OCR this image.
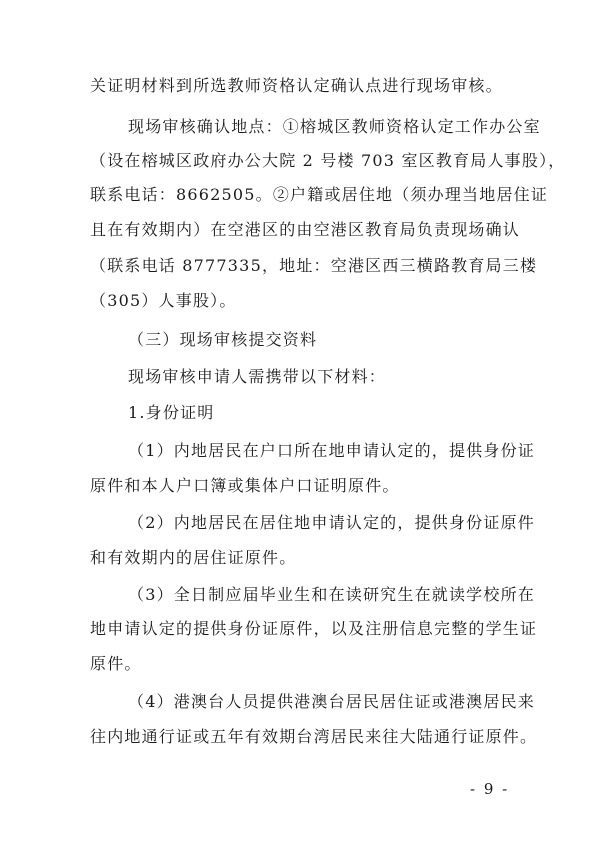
关证明材料到所选教师资格认定确认点进行现场审核。
现场审核确认地点：①榕城区教师资格认定工作办公室
（设在榕城区政府办公大院 2 号楼 703 室区教育局人事股），
联系电话：8662505。②户籍或居住地（须办理当地居住证
且在有效期内）在空港区的由空港区教育局负责现场确认
（联系电话 8777335，地址：空港区西三横路教育局三楼
（305）人事股）。
（三）现场审核提交资料
现场审核申请人需携带以下材料：
1.身份证明
（1）内地居民在户口所在地申请认定的，提供身份证
原件和本人户口簿或集体户口证明原件。
（2）内地居民在居住地申请认定的，提供身份证原件
和有效期内的居住证原件。
（3）全日制应届毕业生和在读研究生在就读学校所在
地申请认定的提供身份证原件，以及注册信息完整的学生证
原件。
（4）港澳台人员提供港澳台居民居住证或港澳居民来
往内地通行证或五年有效期台湾居民来往大陆通行证原件。
- 9 -
